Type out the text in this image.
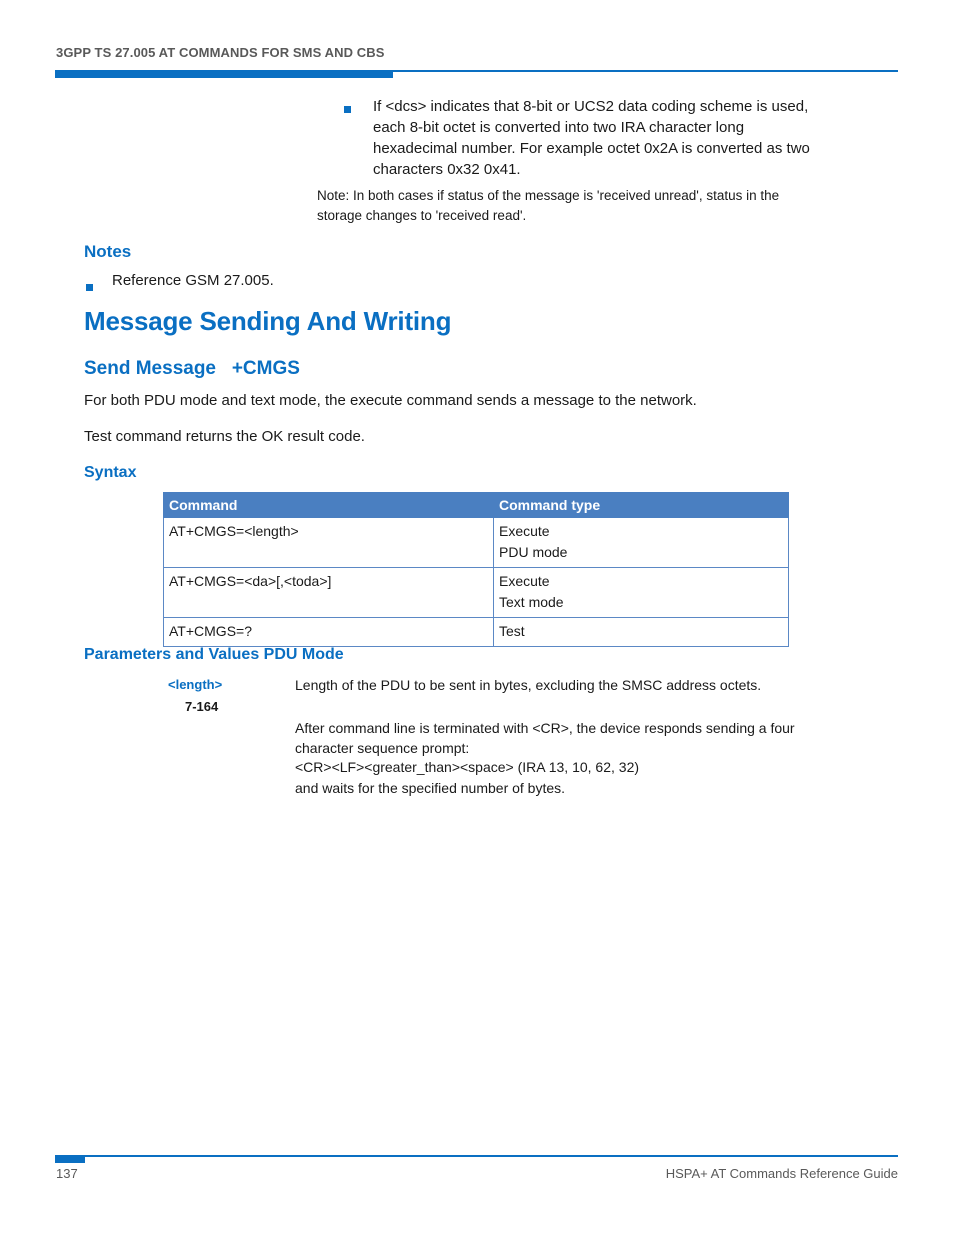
3GPP TS 27.005 AT COMMANDS FOR SMS AND CBS
If <dcs> indicates that 8-bit or UCS2 data coding scheme is used, each 8-bit octet is converted into two IRA character long hexadecimal number. For example octet 0x2A is converted as two characters 0x32 0x41.
Note: In both cases if status of the message is 'received unread', status in the storage changes to 'received read'.
Notes
Reference GSM 27.005.
Message Sending And Writing
Send Message   +CMGS
For both PDU mode and text mode, the execute command sends a message to the network.
Test command returns the OK result code.
Syntax
Command	Command type
AT+CMGS=<length>	Execute
PDU mode

AT+CMGS=<da>[,<toda>]	Execute
Text mode

AT+CMGS=?	Test
Parameters and Values PDU Mode
<length>
7-164
Length of the PDU to be sent in bytes, excluding the SMSC address octets.
After command line is terminated with <CR>, the device responds sending a four character sequence prompt:
<CR><LF><greater_than><space> (IRA 13, 10, 62, 32)
and waits for the specified number of bytes.
137	HSPA+ AT Commands Reference Guide
